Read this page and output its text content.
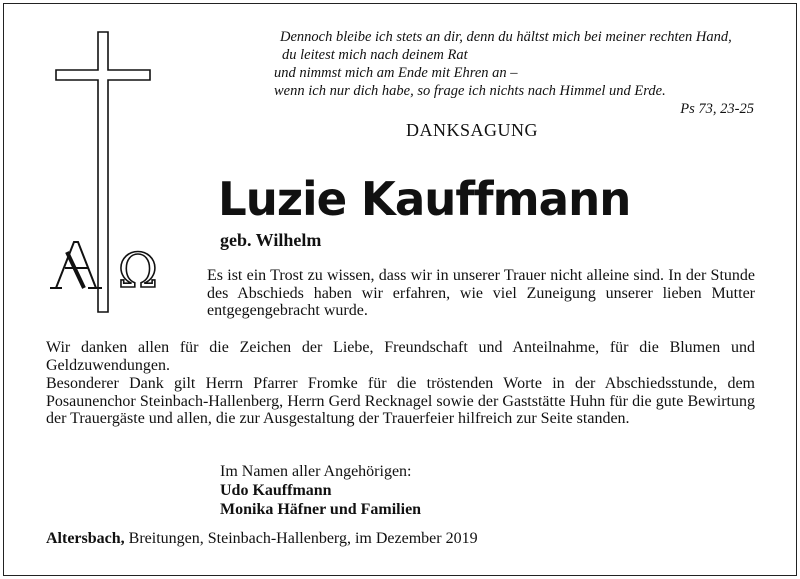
Ω
Dennoch bleibe ich stets an dir, denn du hältst mich bei meiner rechten Hand,
du leitest mich nach deinem Rat
und nimmst mich am Ende mit Ehren an –
wenn ich nur dich habe, so frage ich nichts nach Himmel und Erde.
Ps 73, 23-25
DANKSAGUNG
Luzie Kauffmann
geb. Wilhelm
Es ist ein Trost zu wissen, dass wir in unserer Trauer nicht alleine sind. In der Stunde des Abschieds haben wir erfahren, wie viel Zuneigung unserer lieben Mutter entgegengebracht wurde.
Wir danken allen für die Zeichen der Liebe, Freundschaft und Anteilnahme, für die Blumen und Geldzuwendungen.
Besonderer Dank gilt Herrn Pfarrer Fromke für die tröstenden Worte in der Abschiedsstunde, dem Posaunenchor Steinbach-Hallenberg, Herrn Gerd Recknagel sowie der Gaststätte Huhn für die gute Bewirtung der Trauergäste und allen, die zur Ausgestaltung der Trauerfeier hilfreich zur Seite standen.
Im Namen aller Angehörigen:
Udo Kauffmann
Monika Häfner und Familien
Altersbach, Breitungen, Steinbach-Hallenberg, im Dezember 2019
